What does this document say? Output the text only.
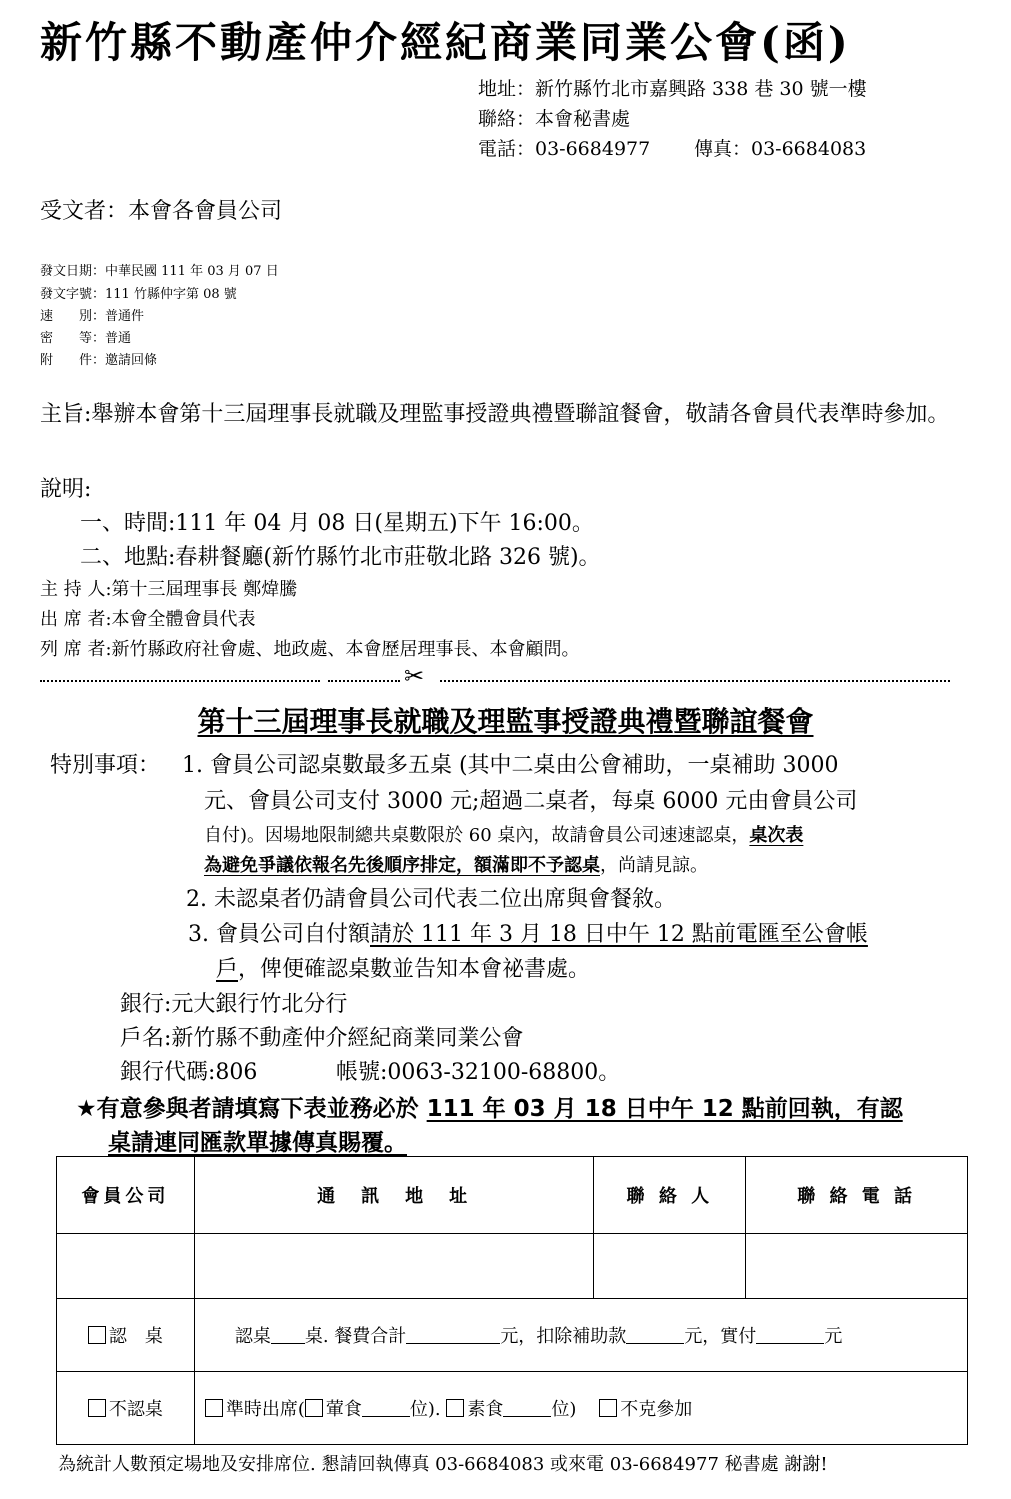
新竹縣不動產仲介經紀商業同業公會(函)
地址：新竹縣竹北市嘉興路 338 巷 30 號一樓
聯絡：本會秘書處
電話：03-6684977 傳真：03-6684083
受文者：本會各會員公司
發文日期：中華民國 111 年 03 月 07 日
發文字號：111 竹縣仲字第 08 號
速　　別：普通件
密　　等：普通
附　　件：邀請回條
主旨:舉辦本會第十三屆理事長就職及理監事授證典禮暨聯誼餐會，敬請各會員代表準時參加。
說明:
一、時間:111 年 04 月 08 日(星期五)下午 16:00。
二、地點:春耕餐廳(新竹縣竹北市莊敬北路 326 號)。
主 持 人:第十三屆理事長 鄭煒騰
出 席 者:本會全體會員代表
列 席 者:新竹縣政府社會處、地政處、本會歷居理事長、本會顧問。
✂
第十三屆理事長就職及理監事授證典禮暨聯誼餐會
特別事項： 1. 會員公司認桌數最多五桌 (其中二桌由公會補助，一桌補助 3000
元、會員公司支付 3000 元;超過二桌者，每桌 6000 元由會員公司
自付)。因場地限制總共桌數限於 60 桌內，故請會員公司速速認桌，桌次表
為避免爭議依報名先後順序排定，額滿即不予認桌，尚請見諒。
2. 未認桌者仍請會員公司代表二位出席與會餐敘。
3. 會員公司自付額請於 111 年 3 月 18 日中午 12 點前電匯至公會帳
戶，俾便確認桌數並告知本會祕書處。
銀行:元大銀行竹北分行
戶名:新竹縣不動產仲介經紀商業同業公會
銀行代碼:806	帳號:0063-32100-68800。
★有意參與者請填寫下表並務必於 111 年 03 月 18 日中午 12 點前回執，有認
桌請連同匯款單據傳真賜覆。
會員公司	通　訊　地　址	聯 絡 人	聯 絡 電 話

認　桌	認桌 桌. 餐費合計 元，扣除補助款 元，實付 元		
不認桌	準時出席( 葷食 位). 素食 位) 不克參加		
為統計人數預定場地及安排席位. 懇請回執傳真 03-6684083 或來電 03-6684977 秘書處 謝謝!
